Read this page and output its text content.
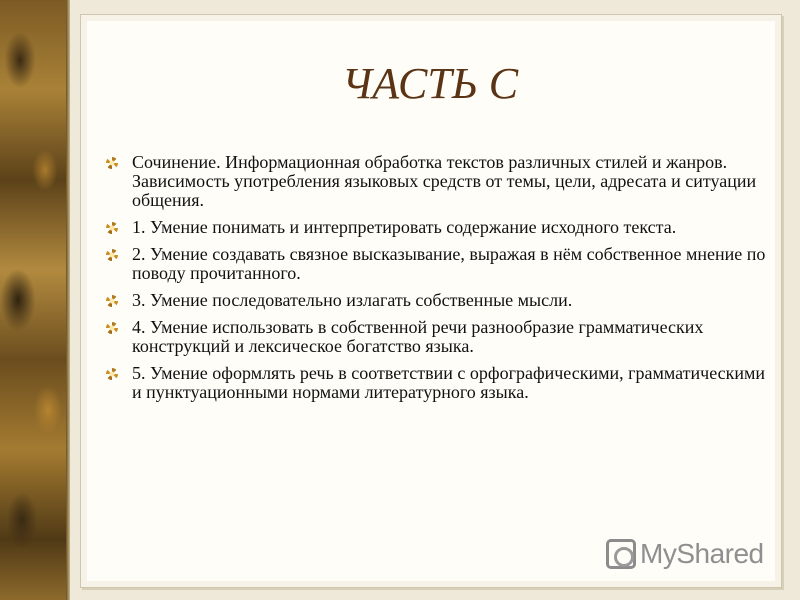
ЧАСТЬ С
Сочинение. Информационная обработка текстов различных стилей и жанров. Зависимость употребления языковых средств от темы, цели, адресата и ситуации общения.
1. Умение понимать и интерпретировать содержание исходного текста.
2. Умение создавать связное высказывание, выражая в нём собственное мнение по поводу прочитанного.
3. Умение последовательно излагать собственные мысли.
4. Умение использовать в собственной речи разнообразие грамматических конструкций и лексическое богатство языка.
5. Умение оформлять речь в соответствии с орфографическими, грамматическими и пунктуационными нормами литературного языка.
MyShared
